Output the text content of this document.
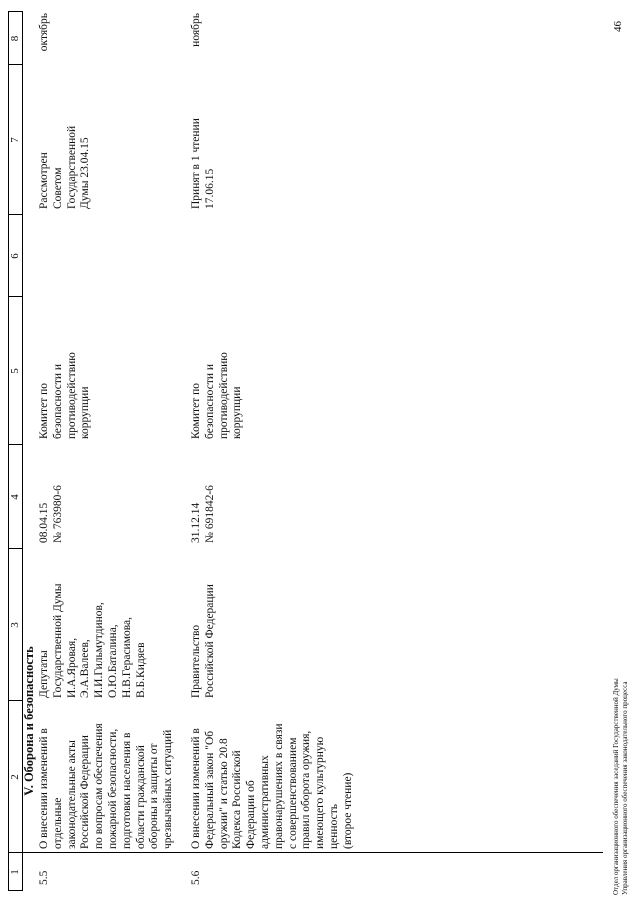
1
2
3
4
5
6
7
8
V. Оборона и безопасность
5.5
О внесении изменений в
отдельные
законодательные акты
Российской Федерации
по вопросам обеспечения
пожарной безопасности,
подготовки населения в
области гражданской
обороны и защиты от
чрезвычайных ситуаций
Депутаты
Государственной Думы
И.А.Яровая,
Э.А.Валеев,
И.И.Гильмутдинов,
О.Ю.Баталина,
Н.В.Герасимова,
В.Б.Кидяев
08.04.15
№ 763980-6
Комитет по
безопасности и
противодействию
коррупции
Рассмотрен
Советом
Государственной
Думы 23.04.15
октябрь
5.6
О внесении изменений в
Федеральный закон "Об
оружии" и статью 20.8
Кодекса Российской
Федерации об
административных
правонарушениях в связи
с совершенствованием
правил оборота оружия,
имеющего культурную
ценность
(второе чтение)
Правительство
Российской Федерации
31.12.14
№ 691842-6
Комитет по
безопасности и
противодействию
коррупции
Принят в 1 чтении
17.06.15
ноябрь
Отдел организационного обеспечения заседаний Государственной Думы
Управления организационного обеспечения законодательного процесса
46
